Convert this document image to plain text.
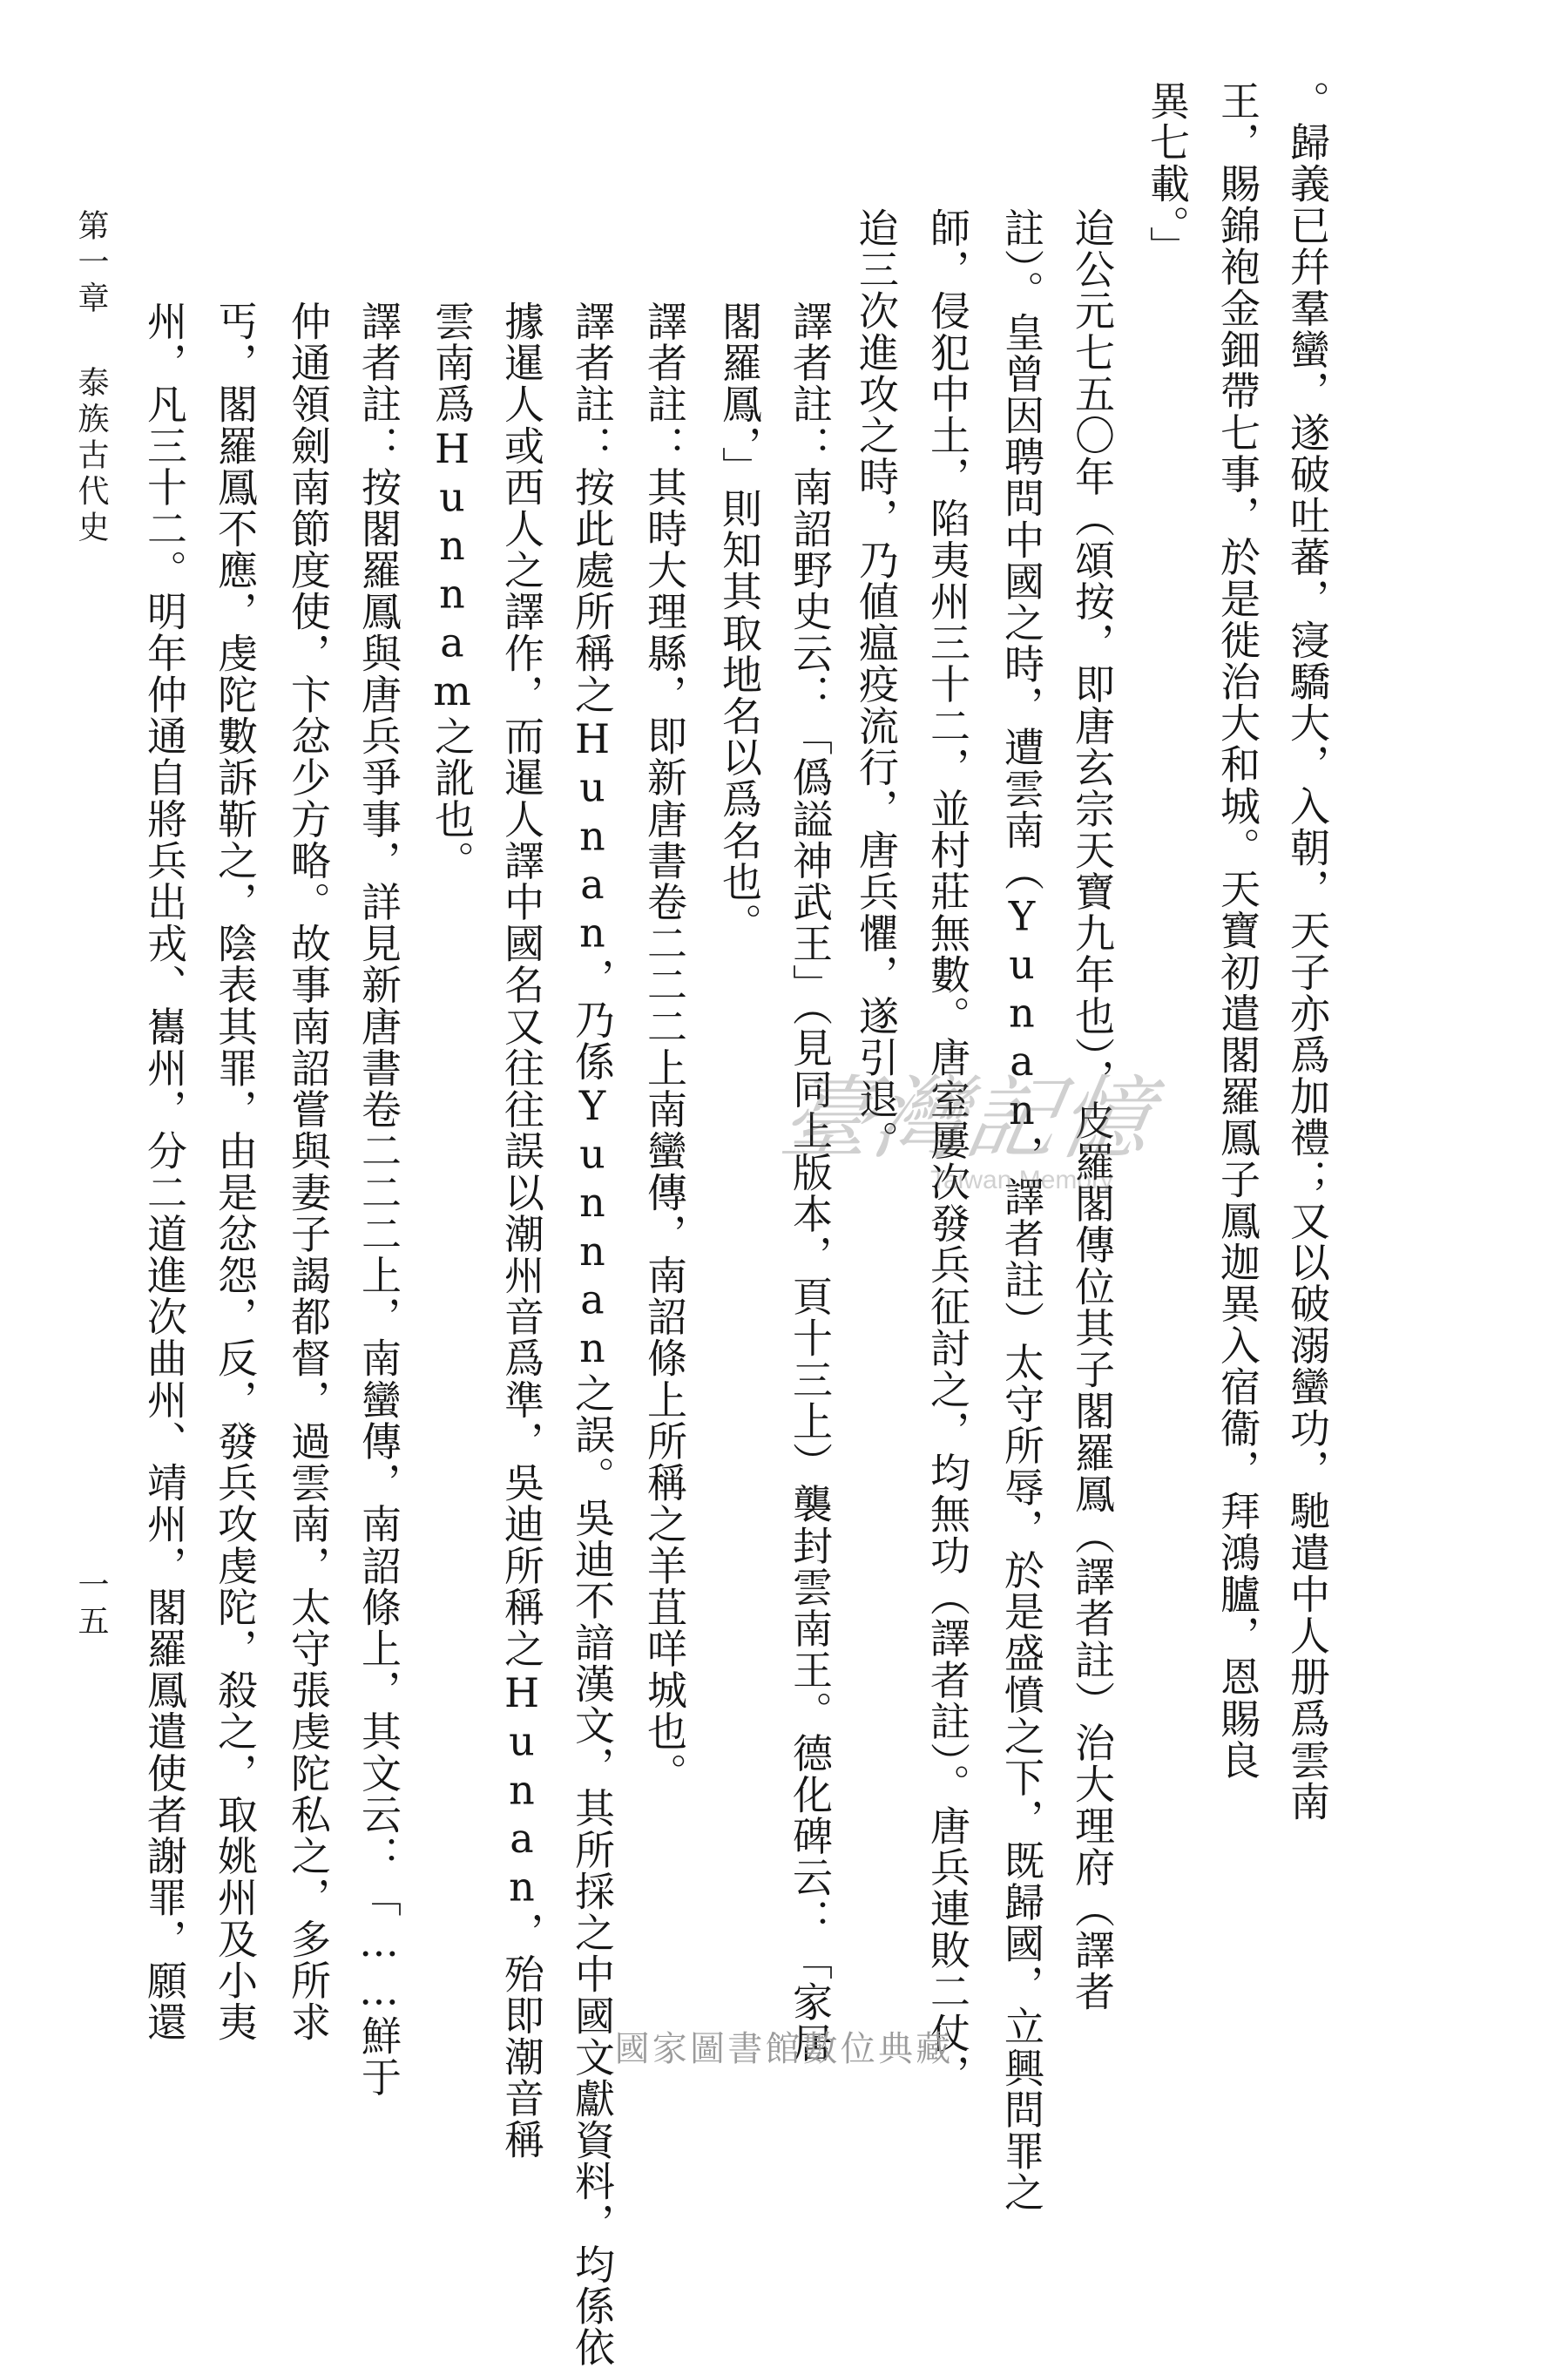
。歸義已幷羣蠻，遂破吐蕃，寖驕大，入朝，天子亦爲加禮；又以破溺蠻功，馳遣中人册爲雲南
王，賜錦袍金鈿帶七事，於是徙治大和城。天寶初遣閣羅鳳子鳳迦異入宿衞，拜鴻臚，恩賜良
異七載。」
迨公元七五〇年（頌按，即唐玄宗天寶九年也），皮羅閣傳位其子閣羅鳳（譯者註）治大理府（譯者
註）。皇曾因聘問中國之時，遭雲南（Yunan，譯者註）太守所辱，於是盛憤之下，既歸國，立興問罪之
師，侵犯中土，陷夷州三十二，並村莊無數。唐室屢次發兵征討之，均無功（譯者註）。唐兵連敗二仗，
迨三次進攻之時，乃値瘟疫流行，唐兵懼，遂引退。
譯者註：南詔野史云：「僞謚神武王」（見同上版本，頁十三上）襲封雲南王。德化碑云：「家居
閣羅鳳，」則知其取地名以爲名也。
譯者註：其時大理縣，即新唐書卷二二二上南蠻傳，南詔條上所稱之羊苴咩城也。
譯者註：按此處所稱之Hunan，乃係Yunnan之誤。吳迪不諳漢文，其所採之中國文獻資料，均係依
據暹人或西人之譯作，而暹人譯中國名又往往誤以潮州音爲準，吳迪所稱之Hunan，殆即潮音稱
雲南爲Hunnam之訛也。
譯者註：按閣羅鳳與唐兵爭事，詳見新唐書卷二二二上，南蠻傳，南詔條上，其文云：「……鮮于
仲通領劍南節度使，卞忿少方略。故事南詔嘗與妻子謁都督，過雲南，太守張虔陀私之，多所求
丐，閣羅鳳不應，虔陀數訴靳之，陰表其罪，由是忿怨，反，發兵攻虔陀，殺之，取姚州及小夷
州，凡三十二。明年仲通自將兵出戎、巂州，分二道進次曲州、靖州，閣羅鳳遣使者謝罪，願還
第一章
泰族古代史
一五
臺灣記憶
Taiwan Memory
國家圖書館數位典藏
